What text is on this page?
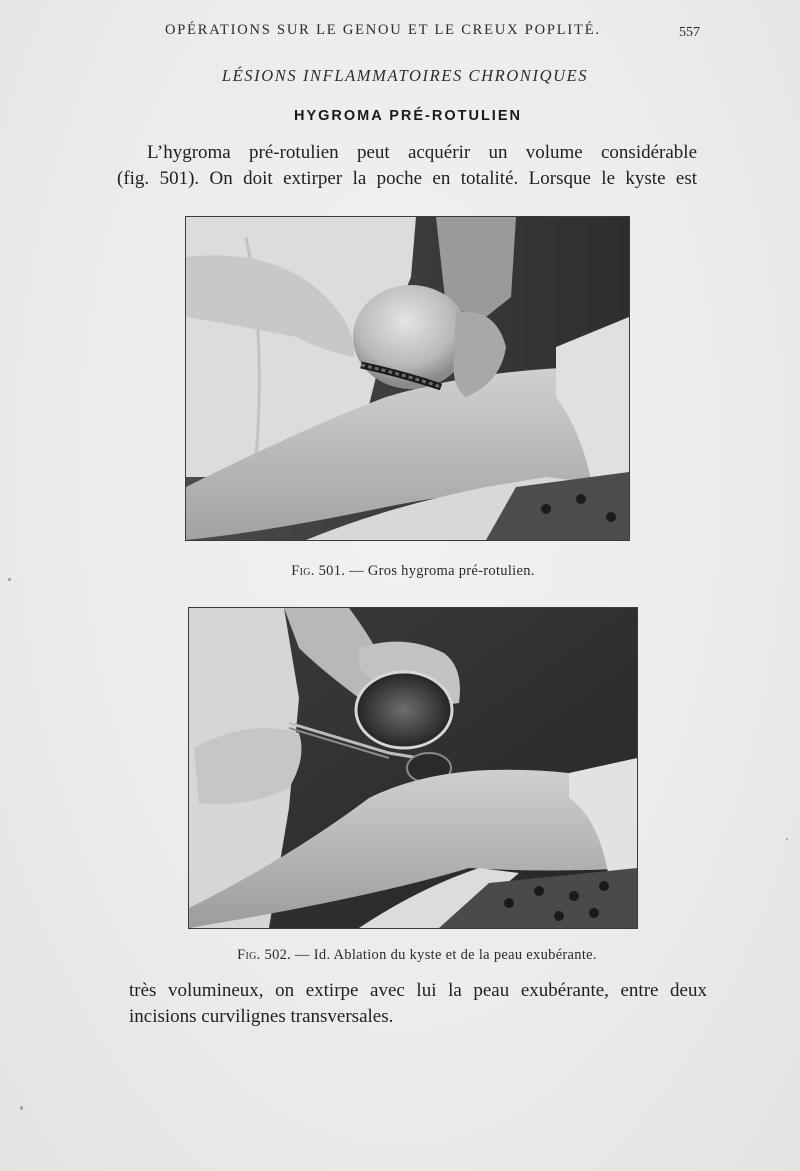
OPÉRATIONS SUR LE GENOU ET LE CREUX POPLITÉ.	557
LÉSIONS INFLAMMATOIRES CHRONIQUES
HYGROMA PRÉ-ROTULIEN
L’hygroma pré-rotulien peut acquérir un volume considérable
(fig. 501). On doit extirper la poche en totalité. Lorsque le kyste est
Fig. 501. — Gros hygroma pré-rotulien.
Fig. 502. — Id. Ablation du kyste et de la peau exubérante.
très volumineux, on extirpe avec lui la peau exubérante, entre deux
incisions curvilignes transversales.
